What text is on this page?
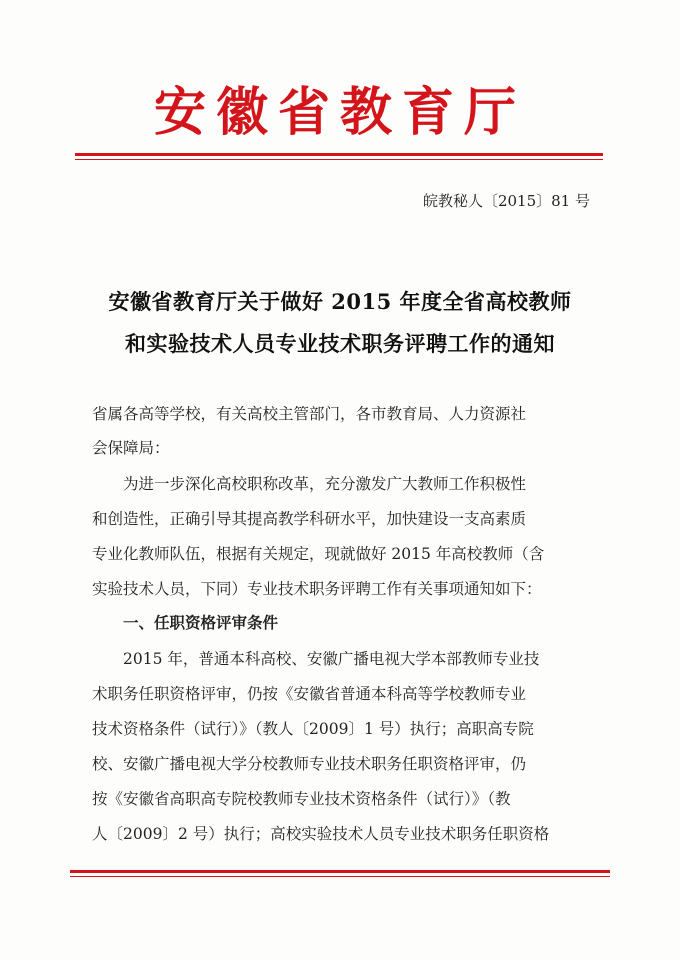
安徽省教育厅
皖教秘人〔2015〕81 号
安徽省教育厅关于做好 2015 年度全省高校教师
和实验技术人员专业技术职务评聘工作的通知
省属各高等学校，有关高校主管部门，各市教育局、人力资源社
会保障局：
　　为进一步深化高校职称改革，充分激发广大教师工作积极性
和创造性，正确引导其提高教学科研水平，加快建设一支高素质
专业化教师队伍，根据有关规定，现就做好 2015 年高校教师（含
实验技术人员，下同）专业技术职务评聘工作有关事项通知如下：
　　一、任职资格评审条件
　　2015 年，普通本科高校、安徽广播电视大学本部教师专业技
术职务任职资格评审，仍按《安徽省普通本科高等学校教师专业
技术资格条件（试行）》（教人〔2009〕1 号）执行；高职高专院
校、安徽广播电视大学分校教师专业技术职务任职资格评审，仍
按《安徽省高职高专院校教师专业技术资格条件（试行）》（教
人〔2009〕2 号）执行；高校实验技术人员专业技术职务任职资格
